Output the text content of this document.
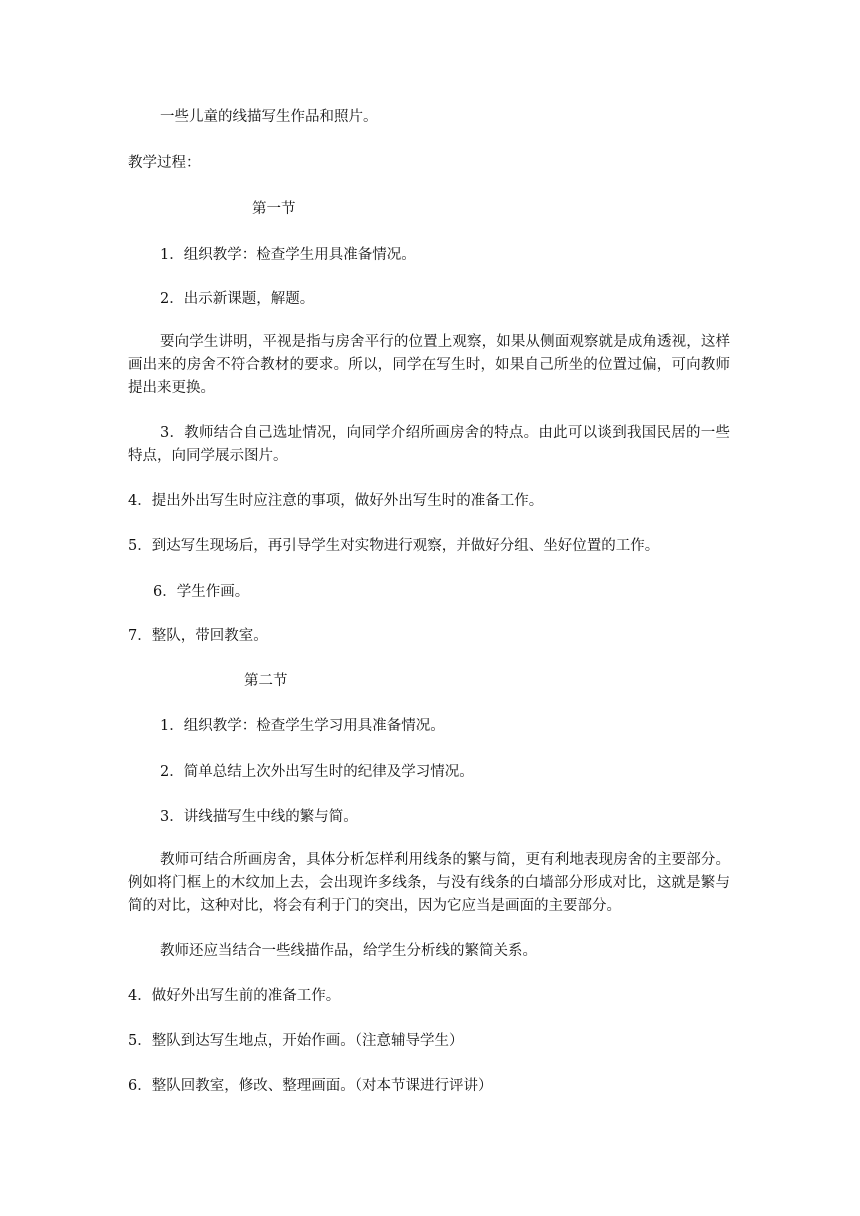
一些儿童的线描写生作品和照片。

教学过程：

第一节

1．组织教学：检查学生用具准备情况。

2．出示新课题，解题。

要向学生讲明，平视是指与房舍平行的位置上观察，如果从侧面观察就是成角透视，这样画出来的房舍不符合教材的要求。所以，同学在写生时，如果自己所坐的位置过偏，可向教师提出来更换。

3．教师结合自己选址情况，向同学介绍所画房舍的特点。由此可以谈到我国民居的一些特点，向同学展示图片。

4．提出外出写生时应注意的事项，做好外出写生时的准备工作。

5．到达写生现场后，再引导学生对实物进行观察，并做好分组、坐好位置的工作。

6．学生作画。

7．整队，带回教室。

第二节

1．组织教学：检查学生学习用具准备情况。

2．简单总结上次外出写生时的纪律及学习情况。

3．讲线描写生中线的繁与简。

教师可结合所画房舍，具体分析怎样利用线条的繁与简，更有利地表现房舍的主要部分。例如将门框上的木纹加上去，会出现许多线条，与没有线条的白墙部分形成对比，这就是繁与简的对比，这种对比，将会有利于门的突出，因为它应当是画面的主要部分。

教师还应当结合一些线描作品，给学生分析线的繁简关系。

4．做好外出写生前的准备工作。

5．整队到达写生地点，开始作画。（注意辅导学生）

6．整队回教室，修改、整理画面。（对本节课进行评讲）
